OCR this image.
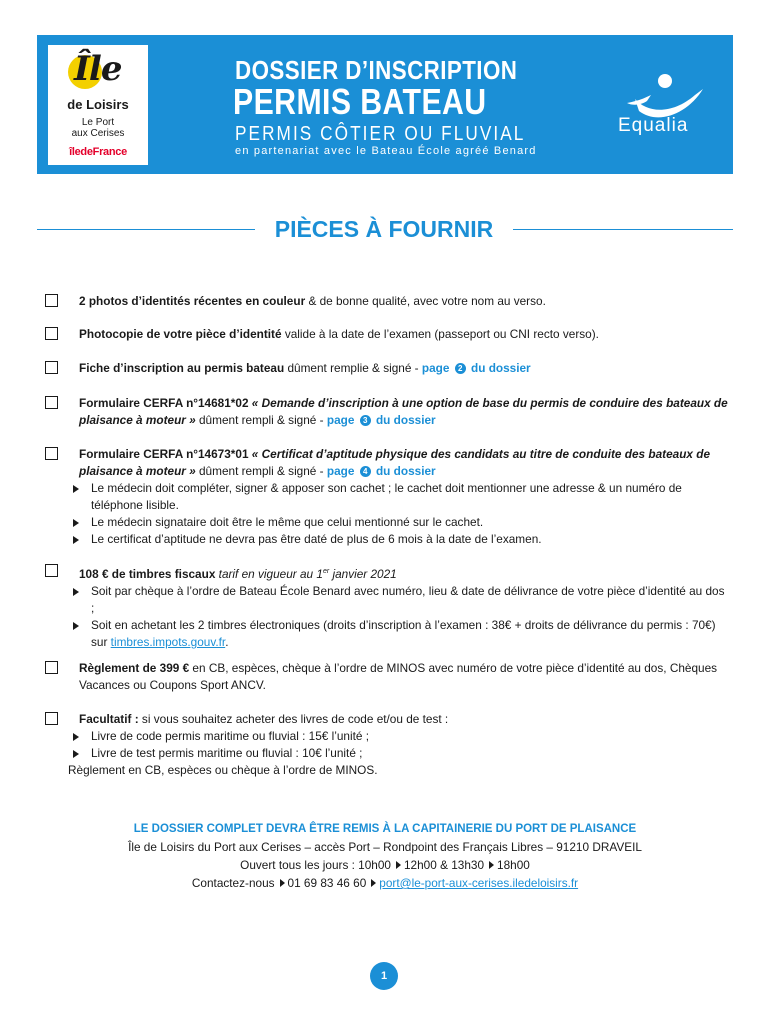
Île
de Loisirs
Le Port
aux Cerises
îledeFrance
DOSSIER D’INSCRIPTION
PERMIS BATEAU
PERMIS CÔTIER OU FLUVIAL
en partenariat avec le Bateau École agréé Benard
Equalia
PIÈCES À FOURNIR
2 photos d’identités récentes en couleur & de bonne qualité, avec votre nom au verso.
Photocopie de votre pièce d’identité valide à la date de l’examen (passeport ou CNI recto verso).
Fiche d’inscription au permis bateau dûment remplie & signé - page 2 du dossier
Formulaire CERFA n°14681*02 « Demande d’inscription à une option de base du permis de conduire des bateaux de plaisance à moteur » dûment rempli & signé - page 3 du dossier
Formulaire CERFA n°14673*01 « Certificat d’aptitude physique des candidats au titre de conduite des bateaux de plaisance à moteur » dûment rempli & signé - page 4 du dossier
Le médecin doit compléter, signer & apposer son cachet ; le cachet doit mentionner une adresse & un numéro de téléphone lisible.
Le médecin signataire doit être le même que celui mentionné sur le cachet.
Le certificat d’aptitude ne devra pas être daté de plus de 6 mois à la date de l’examen.
108 € de timbres fiscaux tarif en vigueur au 1er janvier 2021
Soit par chèque à l’ordre de Bateau École Benard avec numéro, lieu & date de délivrance de votre pièce d’identité au dos ;
Soit en achetant les 2 timbres électroniques (droits d’inscription à l’examen : 38€ + droits de délivrance du permis : 70€) sur timbres.impots.gouv.fr.
Règlement de 399 € en CB, espèces, chèque à l’ordre de MINOS avec numéro de votre pièce d’identité au dos, Chèques Vacances ou Coupons Sport ANCV.
Facultatif : si vous souhaitez acheter des livres de code et/ou de test :
Livre de code permis maritime ou fluvial : 15€ l’unité ;
Livre de test permis maritime ou fluvial : 10€ l’unité ;
Règlement en CB, espèces ou chèque à l’ordre de MINOS.
LE DOSSIER COMPLET DEVRA ÊTRE REMIS À LA CAPITAINERIE DU PORT DE PLAISANCE
Île de Loisirs du Port aux Cerises – accès Port – Rondpoint des Français Libres – 91210 DRAVEIL
Ouvert tous les jours : 10h00 12h00 & 13h30 18h00
Contactez-nous 01 69 83 46 60 port@le-port-aux-cerises.iledeloisirs.fr
1
